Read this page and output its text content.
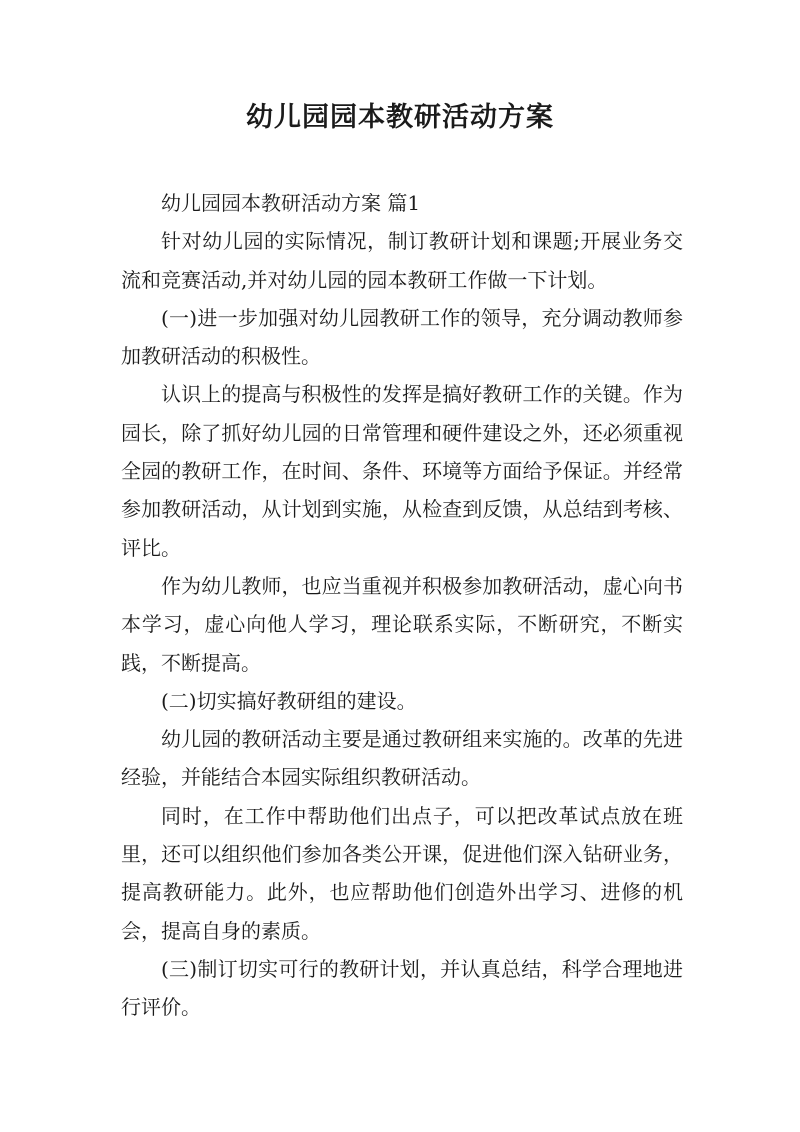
幼儿园园本教研活动方案

幼儿园园本教研活动方案 篇1

针对幼儿园的实际情况，制订教研计划和课题;开展业务交流和竞赛活动,并对幼儿园的园本教研工作做一下计划。

(一)进一步加强对幼儿园教研工作的领导，充分调动教师参加教研活动的积极性。

认识上的提高与积极性的发挥是搞好教研工作的关键。作为园长，除了抓好幼儿园的日常管理和硬件建设之外，还必须重视全园的教研工作，在时间、条件、环境等方面给予保证。并经常参加教研活动，从计划到实施，从检查到反馈，从总结到考核、评比。

作为幼儿教师，也应当重视并积极参加教研活动，虚心向书本学习，虚心向他人学习，理论联系实际，不断研究，不断实践，不断提高。

(二)切实搞好教研组的建设。

幼儿园的教研活动主要是通过教研组来实施的。改革的先进经验，并能结合本园实际组织教研活动。

同时，在工作中帮助他们出点子，可以把改革试点放在班里，还可以组织他们参加各类公开课，促进他们深入钻研业务，提高教研能力。此外，也应帮助他们创造外出学习、进修的机会，提高自身的素质。

(三)制订切实可行的教研计划，并认真总结，科学合理地进行评价。
